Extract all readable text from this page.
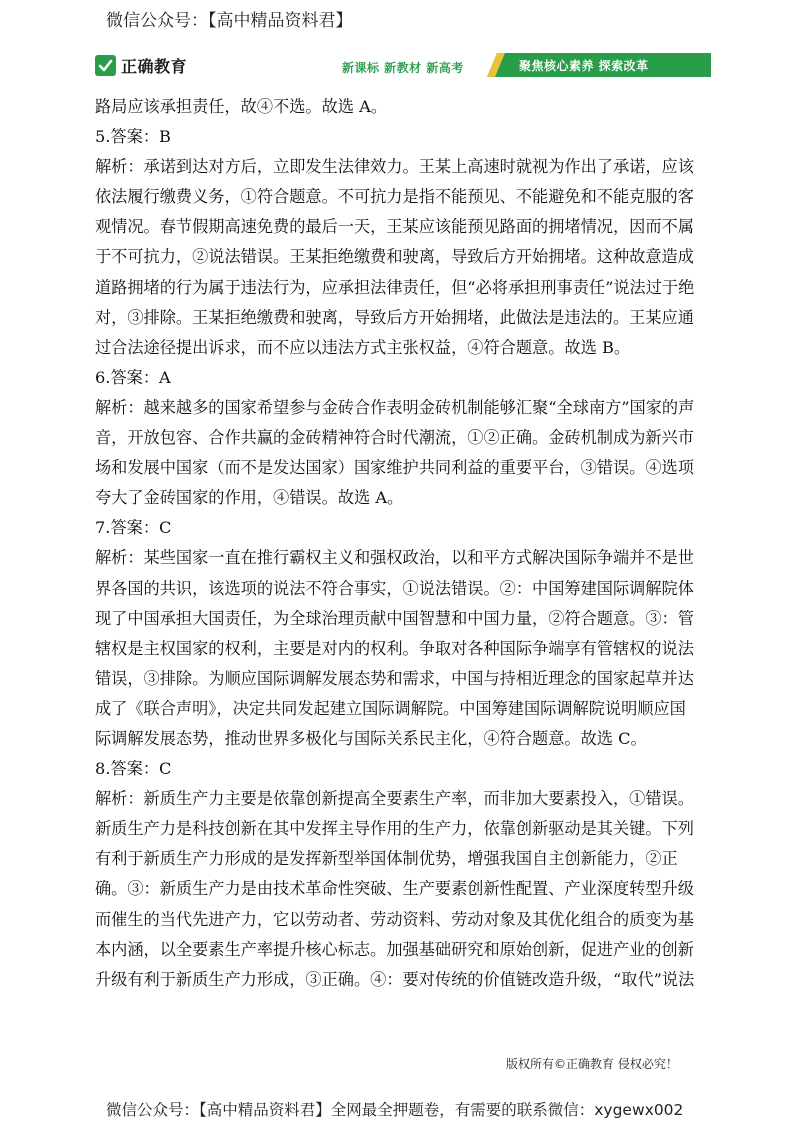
微信公众号：【高中精品资料君】
正确教育	新课标 新教材 新高考	聚焦核心素养 探索改革
路局应该承担责任，故④不选。故选 A。
5.答案：B
解析：承诺到达对方后，立即发生法律效力。王某上高速时就视为作出了承诺，应该
依法履行缴费义务，①符合题意。不可抗力是指不能预见、不能避免和不能克服的客
观情况。春节假期高速免费的最后一天，王某应该能预见路面的拥堵情况，因而不属
于不可抗力，②说法错误。王某拒绝缴费和驶离，导致后方开始拥堵。这种故意造成
道路拥堵的行为属于违法行为，应承担法律责任，但“必将承担刑事责任”说法过于绝
对，③排除。王某拒绝缴费和驶离，导致后方开始拥堵，此做法是违法的。王某应通
过合法途径提出诉求，而不应以违法方式主张权益，④符合题意。故选 B。
6.答案：A
解析：越来越多的国家希望参与金砖合作表明金砖机制能够汇聚“全球南方”国家的声
音，开放包容、合作共赢的金砖精神符合时代潮流，①②正确。金砖机制成为新兴市
场和发展中国家（而不是发达国家）国家维护共同利益的重要平台，③错误。④选项
夸大了金砖国家的作用，④错误。故选 A。
7.答案：C
解析：某些国家一直在推行霸权主义和强权政治，以和平方式解决国际争端并不是世
界各国的共识，该选项的说法不符合事实，①说法错误。②：中国筹建国际调解院体
现了中国承担大国责任，为全球治理贡献中国智慧和中国力量，②符合题意。③：管
辖权是主权国家的权利，主要是对内的权利。争取对各种国际争端享有管辖权的说法
错误，③排除。为顺应国际调解发展态势和需求，中国与持相近理念的国家起草并达
成了《联合声明》，决定共同发起建立国际调解院。中国筹建国际调解院说明顺应国
际调解发展态势，推动世界多极化与国际关系民主化，④符合题意。故选 C。
8.答案：C
解析：新质生产力主要是依靠创新提高全要素生产率，而非加大要素投入，①错误。
新质生产力是科技创新在其中发挥主导作用的生产力，依靠创新驱动是其关键。下列
有利于新质生产力形成的是发挥新型举国体制优势，增强我国自主创新能力，②正
确。③：新质生产力是由技术革命性突破、生产要素创新性配置、产业深度转型升级
而催生的当代先进产力，它以劳动者、劳动资料、劳动对象及其优化组合的质变为基
本内涵，以全要素生产率提升核心标志。加强基础研究和原始创新，促进产业的创新
升级有利于新质生产力形成，③正确。④：要对传统的价值链改造升级，“取代”说法
版权所有©正确教育 侵权必究！
微信公众号：【高中精品资料君】全网最全押题卷，有需要的联系微信：xygewx002
